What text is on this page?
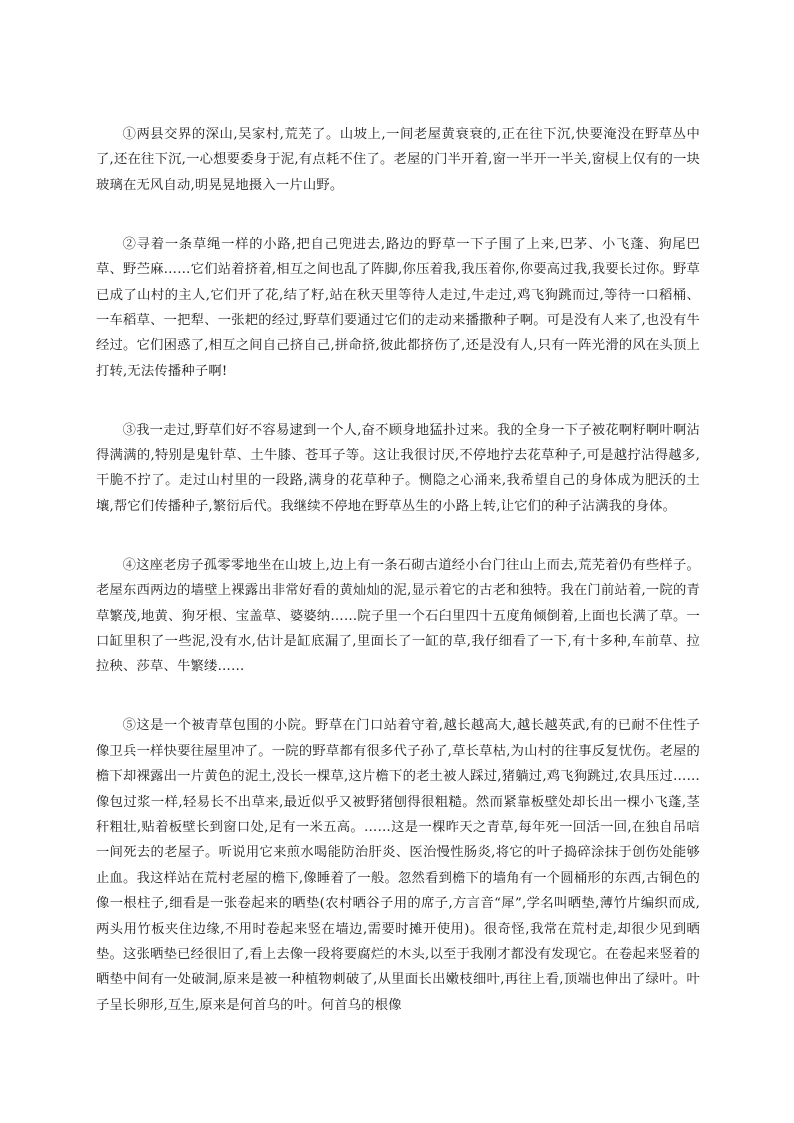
①两县交界的深山,吴家村,荒芜了。山坡上,一间老屋黄衰衰的,正在往下沉,快要淹没在野草丛中了,还在往下沉,一心想要委身于泥,有点耗不住了。老屋的门半开着,窗一半开一半关,窗棂上仅有的一块玻璃在无风自动,明晃晃地摄入一片山野。

②寻着一条草绳一样的小路,把自己兜进去,路边的野草一下子围了上来,巴茅、小飞蓬、狗尾巴草、野苎麻……它们站着挤着,相互之间也乱了阵脚,你压着我,我压着你,你要高过我,我要长过你。野草已成了山村的主人,它们开了花,结了籽,站在秋天里等待人走过,牛走过,鸡飞狗跳而过,等待一口稻桶、一车稻草、一把犁、一张耙的经过,野草们要通过它们的走动来播撒种子啊。可是没有人来了,也没有牛经过。它们困惑了,相互之间自己挤自己,拼命挤,彼此都挤伤了,还是没有人,只有一阵光滑的风在头顶上打转,无法传播种子啊!

③我一走过,野草们好不容易逮到一个人,奋不顾身地猛扑过来。我的全身一下子被花啊籽啊叶啊沾得满满的,特别是鬼针草、土牛膝、苍耳子等。这让我很讨厌,不停地拧去花草种子,可是越拧沾得越多,干脆不拧了。走过山村里的一段路,满身的花草种子。恻隐之心涌来,我希望自己的身体成为肥沃的土壤,帮它们传播种子,繁衍后代。我继续不停地在野草丛生的小路上转,让它们的种子沾满我的身体。

④这座老房子孤零零地坐在山坡上,边上有一条石砌古道经小台门往山上而去,荒芜着仍有些样子。老屋东西两边的墙壁上裸露出非常好看的黄灿灿的泥,显示着它的古老和独特。我在门前站着,一院的青草繁茂,地黄、狗牙根、宝盖草、婆婆纳……院子里一个石臼里四十五度角倾倒着,上面也长满了草。一口缸里积了一些泥,没有水,估计是缸底漏了,里面长了一缸的草,我仔细看了一下,有十多种,车前草、拉拉秧、莎草、牛繁缕……

⑤这是一个被青草包围的小院。野草在门口站着守着,越长越高大,越长越英武,有的已耐不住性子像卫兵一样快要往屋里冲了。一院的野草都有很多代子孙了,草长草枯,为山村的往事反复忧伤。老屋的檐下却裸露出一片黄色的泥土,没长一棵草,这片檐下的老土被人踩过,猪躺过,鸡飞狗跳过,农具压过……像包过浆一样,轻易长不出草来,最近似乎又被野猪刨得很粗糙。然而紧靠板壁处却长出一棵小飞蓬,茎秆粗壮,贴着板壁长到窗口处,足有一米五高。……这是一棵昨天之青草,每年死一回活一回,在独自吊唁一间死去的老屋子。听说用它来煎水喝能防治肝炎、医治慢性肠炎,将它的叶子捣碎涂抹于创伤处能够止血。我这样站在荒村老屋的檐下,像睡着了一般。忽然看到檐下的墙角有一个圆桶形的东西,古铜色的像一根柱子,细看是一张卷起来的晒垫(农村晒谷子用的席子,方言音“犀”,学名叫晒垫,薄竹片编织而成,两头用竹板夹住边缘,不用时卷起来竖在墙边,需要时摊开使用)。很奇怪,我常在荒村走,却很少见到晒垫。这张晒垫已经很旧了,看上去像一段将要腐烂的木头,以至于我刚才都没有发现它。在卷起来竖着的晒垫中间有一处破洞,原来是被一种植物刺破了,从里面长出嫩枝细叶,再往上看,顶端也伸出了绿叶。叶子呈长卵形,互生,原来是何首乌的叶。何首乌的根像
